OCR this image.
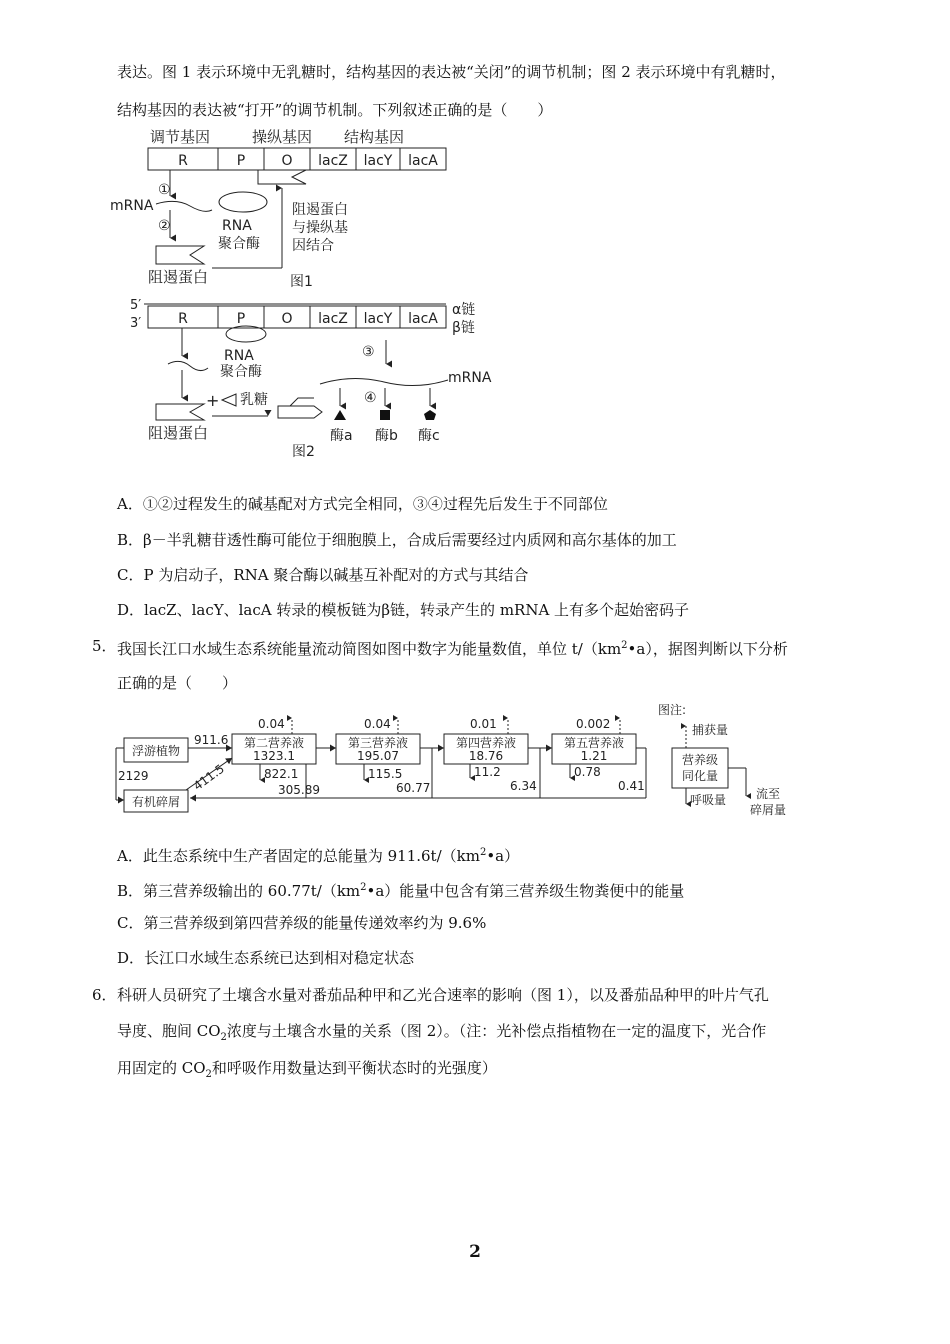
表达。图 1 表示环境中无乳糖时，结构基因的表达被“关闭”的调节机制；图 2 表示环境中有乳糖时，
结构基因的表达被“打开”的调节机制。下列叙述正确的是（　　）
调节基因	操纵基因 结构基因
R	P	O lacZ lacY lacA
①
mRNA
②	RNA
聚合酶
阻遏蛋白
与操纵基
因结合
阻遏蛋白	图1
5′
3′	R	P	O lacZ lacY lacA
α链
β链
RNA
聚合酶
③
mRNA
④
酶a 酶b 酶c
+ 乳糖
阻遏蛋白
图2
A．①②过程发生的碱基配对方式完全相同，③④过程先后发生于不同部位
B．β－半乳糖苷透性酶可能位于细胞膜上，合成后需要经过内质网和高尔基体的加工
C．P 为启动子，RNA 聚合酶以碱基互补配对的方式与其结合
D．lacZ、lacY、lacA 转录的模板链为β链，转录产生的 mRNA 上有多个起始密码子
5． 我国长江口水域生态系统能量流动简图如图中数字为能量数值，单位 $t/(km^2•a)$，据图判断以下分析
正确的是（　　）
浮游植物
有机碎屑
911.6
2129	411.5
第二营养液
1323.1
0.04
822.1
305.89
第三营养液
195.07
0.04
115.5
60.77
第四营养液
18.76
0.01
11.2
6.34
第五营养液
1.21
0.002
0.78
0.41
图注:
营养级
同化量
捕获量
呼吸量 流至
碎屑量
A．此生态系统中生产者固定的总能量为 $911.6t/(km^2•a)$
B．第三营养级输出的 $60.77t/(km^2•a)$能量中包含有第三营养级生物粪便中的能量
C．第三营养级到第四营养级的能量传递效率约为 9.6%
D．长江口水域生态系统已达到相对稳定状态
6． 科研人员研究了土壤含水量对番茄品种甲和乙光合速率的影响（图 1），以及番茄品种甲的叶片气孔
导度、胞间 $CO_2$浓度与土壤含水量的关系（图 2）。（注：光补偿点指植物在一定的温度下，光合作
用固定的 $CO_2$和呼吸作用数量达到平衡状态时的光强度）
2
